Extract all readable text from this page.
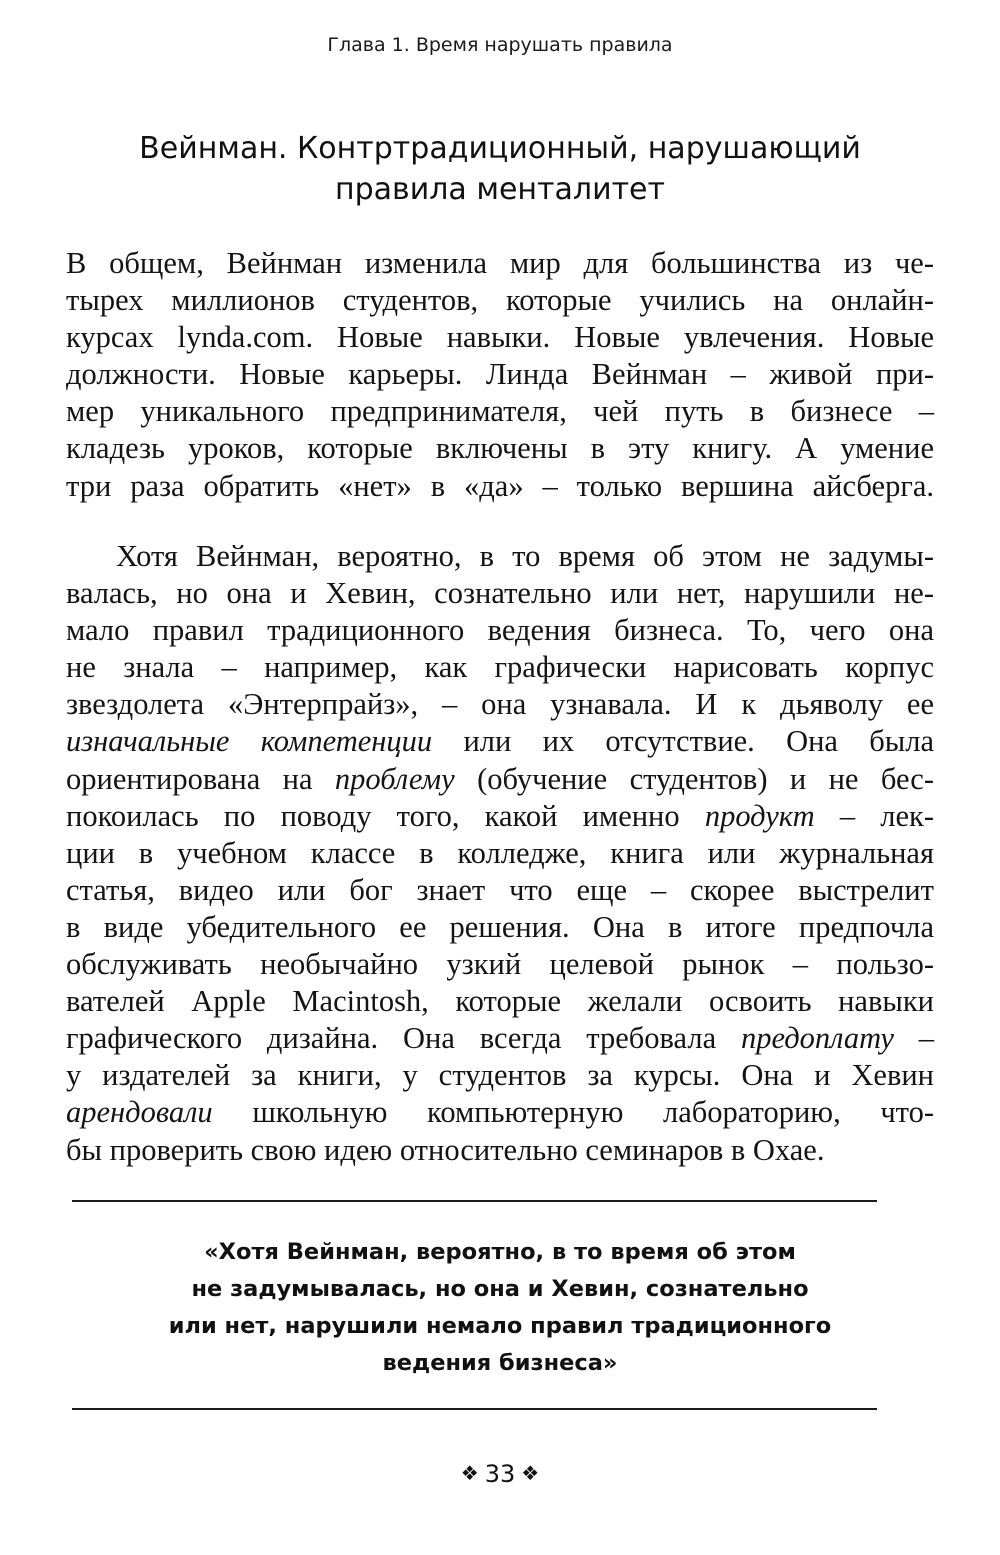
Глава 1. Время нарушать правила
Вейнман. Контртрадиционный, нарушающий
правила менталитет
В общем, Вейнман изменила мир для большинства из че-
тырех миллионов студентов, которые учились на онлайн-
курсах lynda.com. Новые навыки. Новые увлечения. Новые
должности. Новые карьеры. Линда Вейнман – живой при-
мер уникального предпринимателя, чей путь в бизнесе –
кладезь уроков, которые включены в эту книгу. А умение
три раза обратить «нет» в «да» – только вершина айсберга.
Хотя Вейнман, вероятно, в то время об этом не задумы-
валась, но она и Хевин, сознательно или нет, нарушили не-
мало правил традиционного ведения бизнеса. То, чего она
не знала – например, как графически нарисовать корпус
звездолета «Энтерпрайз», – она узнавала. И к дьяволу ее
изначальные компетенции или их отсутствие. Она была
ориентирована на проблему (обучение студентов) и не бес-
покоилась по поводу того, какой именно продукт – лек-
ции в учебном классе в колледже, книга или журнальная
статья, видео или бог знает что еще – скорее выстрелит
в виде убедительного ее решения. Она в итоге предпочла
обслуживать необычайно узкий целевой рынок – пользо-
вателей Apple Macintosh, которые желали освоить навыки
графического дизайна. Она всегда требовала предоплату –
у издателей за книги, у студентов за курсы. Она и Хевин
арендовали школьную компьютерную лабораторию, что-
бы проверить свою идею относительно семинаров в Охае.
«Хотя Вейнман, вероятно, в то время об этом
не задумывалась, но она и Хевин, сознательно
или нет, нарушили немало правил традиционного
ведения бизнеса»
❖ 33 ❖
